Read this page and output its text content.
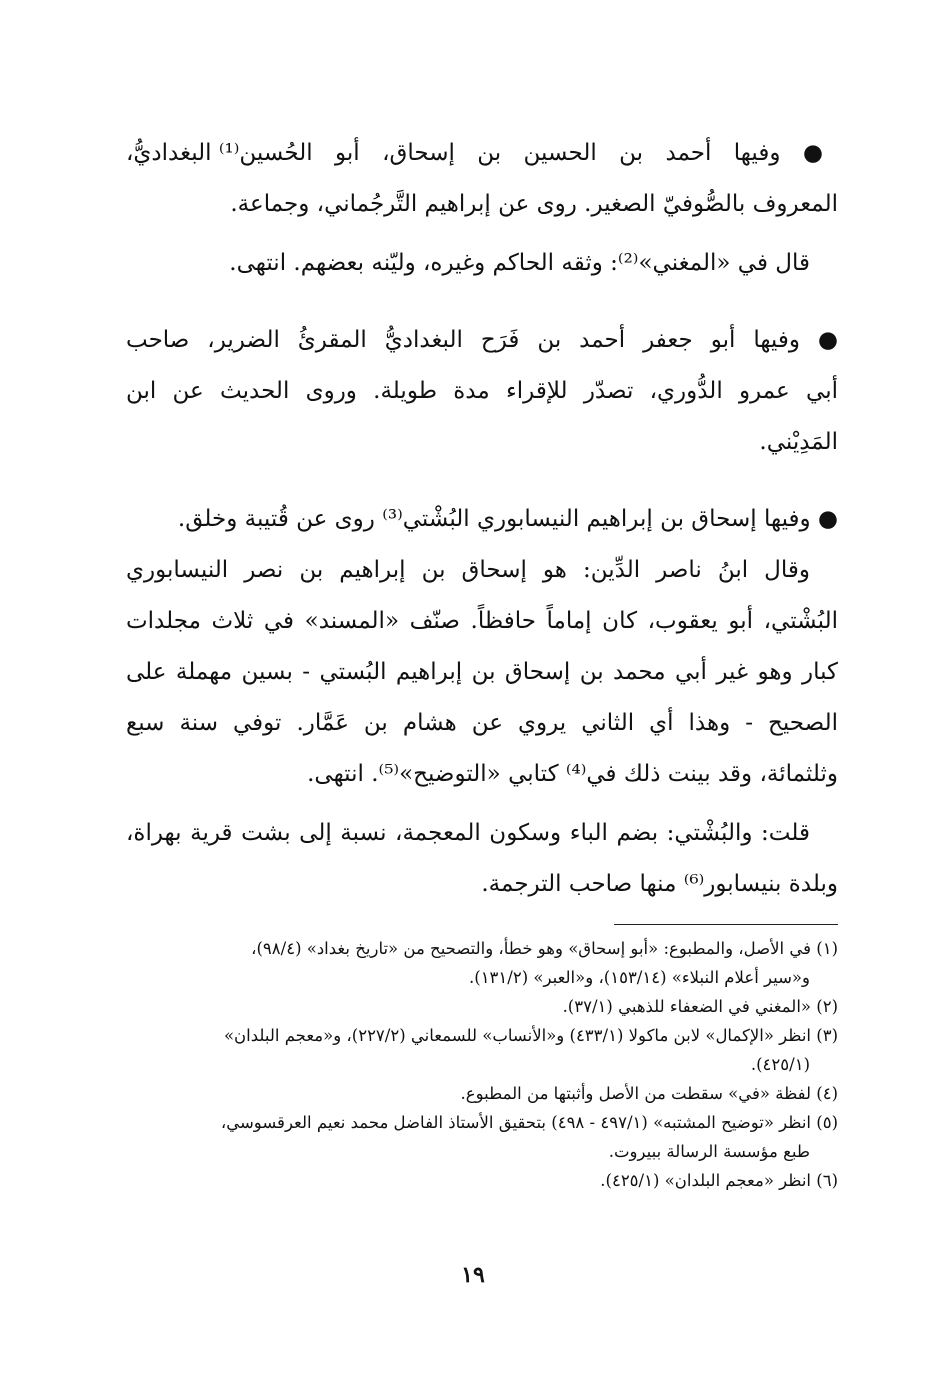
● وفيها أحمد بن الحسين بن إسحاق، أبو الحُسين⁽¹⁾ البغداديُّ،
المعروف بالصُّوفيّ الصغير. روى عن إبراهيم التَّرجُماني، وجماعة.

قال في «المغني»⁽²⁾: وثقه الحاكم وغيره، وليّنه بعضهم. انتهى.

● وفيها أبو جعفر أحمد بن فَرَح البغداديُّ المقرئُ الضرير، صاحب
أبي عمرو الدُّوري، تصدّر للإقراء مدة طويلة. وروى الحديث عن ابن
المَدِيْني.

● وفيها إسحاق بن إبراهيم النيسابوري البُشْتي⁽³⁾ روى عن قُتيبة وخلق.

وقال ابنُ ناصر الدِّين: هو إسحاق بن إبراهيم بن نصر النيسابوري
البُشْتي، أبو يعقوب، كان إماماً حافظاً. صنّف «المسند» في ثلاث مجلدات
كبار وهو غير أبي محمد بن إسحاق بن إبراهيم البُستي - بسين مهملة على
الصحيح - وهذا أي الثاني يروي عن هشام بن عَمَّار. توفي سنة سبع
وثلثمائة، وقد بينت ذلك في⁽⁴⁾ كتابي «التوضيح»⁽⁵⁾. انتهى.

قلت: والبُشْتي: بضم الباء وسكون المعجمة، نسبة إلى بشت قرية بهراة،
وبلدة بنيسابور⁽⁶⁾ منها صاحب الترجمة.

(١) في الأصل، والمطبوع: «أبو إسحاق» وهو خطأ، والتصحيح من «تاريخ بغداد» (٩٨/٤)،
و«سير أعلام النبلاء» (١٥٣/١٤)، و«العبر» (١٣١/٢).
(٢) «المغني في الضعفاء للذهبي (٣٧/١).
(٣) انظر «الإكمال» لابن ماكولا (٤٣٣/١) و«الأنساب» للسمعاني (٢٢٧/٢)، و«معجم البلدان»
(٤٢٥/١).
(٤) لفظة «في» سقطت من الأصل وأثبتها من المطبوع.
(٥) انظر «توضيح المشتبه» (٤٩٧/١ - ٤٩٨) بتحقيق الأستاذ الفاضل محمد نعيم العرقسوسي،
طبع مؤسسة الرسالة ببيروت.
(٦) انظر «معجم البلدان» (٤٢٥/١).
١٩
